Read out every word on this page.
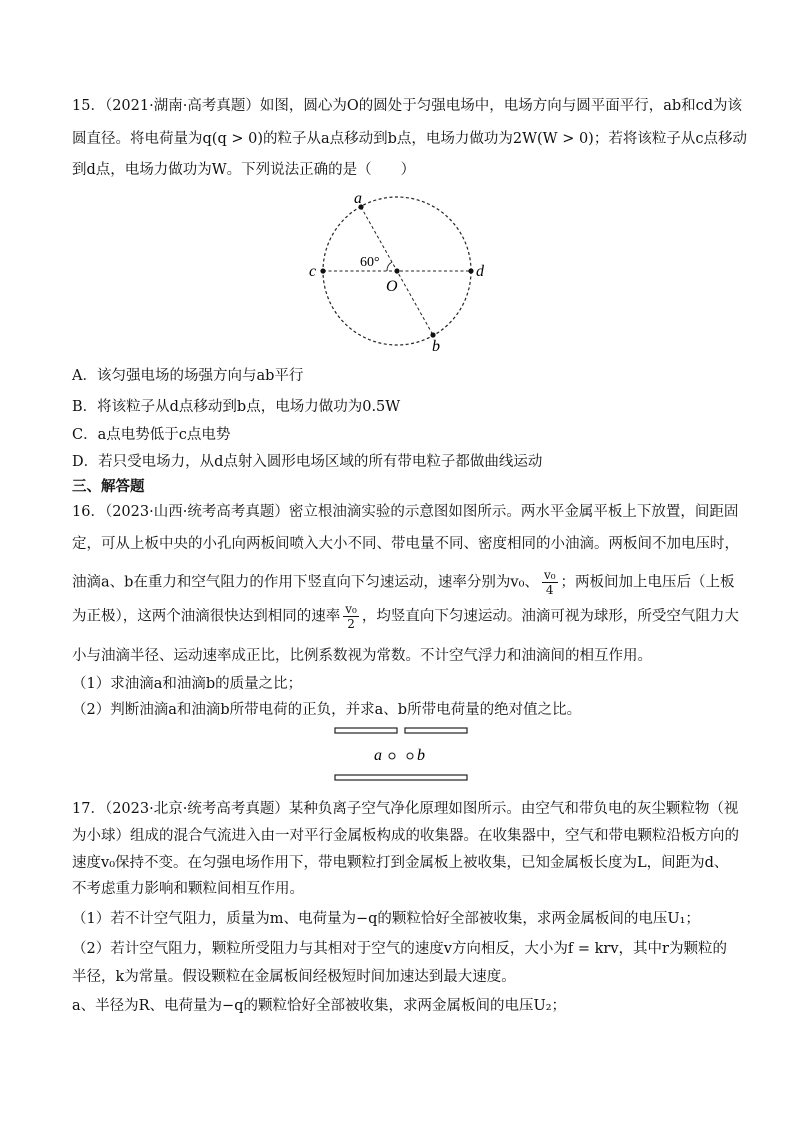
15．（2021·湖南·高考真题）如图，圆心为O的圆处于匀强电场中，电场方向与圆平面平行，ab和cd为该
圆直径。将电荷量为q(q > 0)的粒子从a点移动到b点，电场力做功为2W(W > 0)；若将该粒子从c点移动
到d点，电场力做功为W。下列说法正确的是（　　）
a
b
c	d
O
60°
A．该匀强电场的场强方向与ab平行
B．将该粒子从d点移动到b点，电场力做功为0.5W
C．a点电势低于c点电势
D．若只受电场力，从d点射入圆形电场区域的所有带电粒子都做曲线运动
三、解答题
16．（2023·山西·统考高考真题）密立根油滴实验的示意图如图所示。两水平金属平板上下放置，间距固
定，可从上板中央的小孔向两板间喷入大小不同、带电量不同、密度相同的小油滴。两板间不加电压时，
油滴a、b在重力和空气阻力的作用下竖直向下匀速运动，速率分别为v₀、 $\frac{\text{v₀}}{4}$ ；两板间加上电压后（上板
为正极），这两个油滴很快达到相同的速率 $\frac{\text{v₀}}{2}$ ，均竖直向下匀速运动。油滴可视为球形，所受空气阻力大
小与油滴半径、运动速率成正比，比例系数视为常数。不计空气浮力和油滴间的相互作用。
（1）求油滴a和油滴b的质量之比；
（2）判断油滴a和油滴b所带电荷的正负，并求a、b所带电荷量的绝对值之比。
a b
17．（2023·北京·统考高考真题）某种负离子空气净化原理如图所示。由空气和带负电的灰尘颗粒物（视
为小球）组成的混合气流进入由一对平行金属板构成的收集器。在收集器中，空气和带电颗粒沿板方向的
速度v₀保持不变。在匀强电场作用下，带电颗粒打到金属板上被收集，已知金属板长度为L，间距为d、
不考虑重力影响和颗粒间相互作用。
（1）若不计空气阻力，质量为m、电荷量为−q的颗粒恰好全部被收集，求两金属板间的电压U₁；
（2）若计空气阻力，颗粒所受阻力与其相对于空气的速度v方向相反，大小为f = krv，其中r为颗粒的
半径，k为常量。假设颗粒在金属板间经极短时间加速达到最大速度。
a、半径为R、电荷量为−q的颗粒恰好全部被收集，求两金属板间的电压U₂；
